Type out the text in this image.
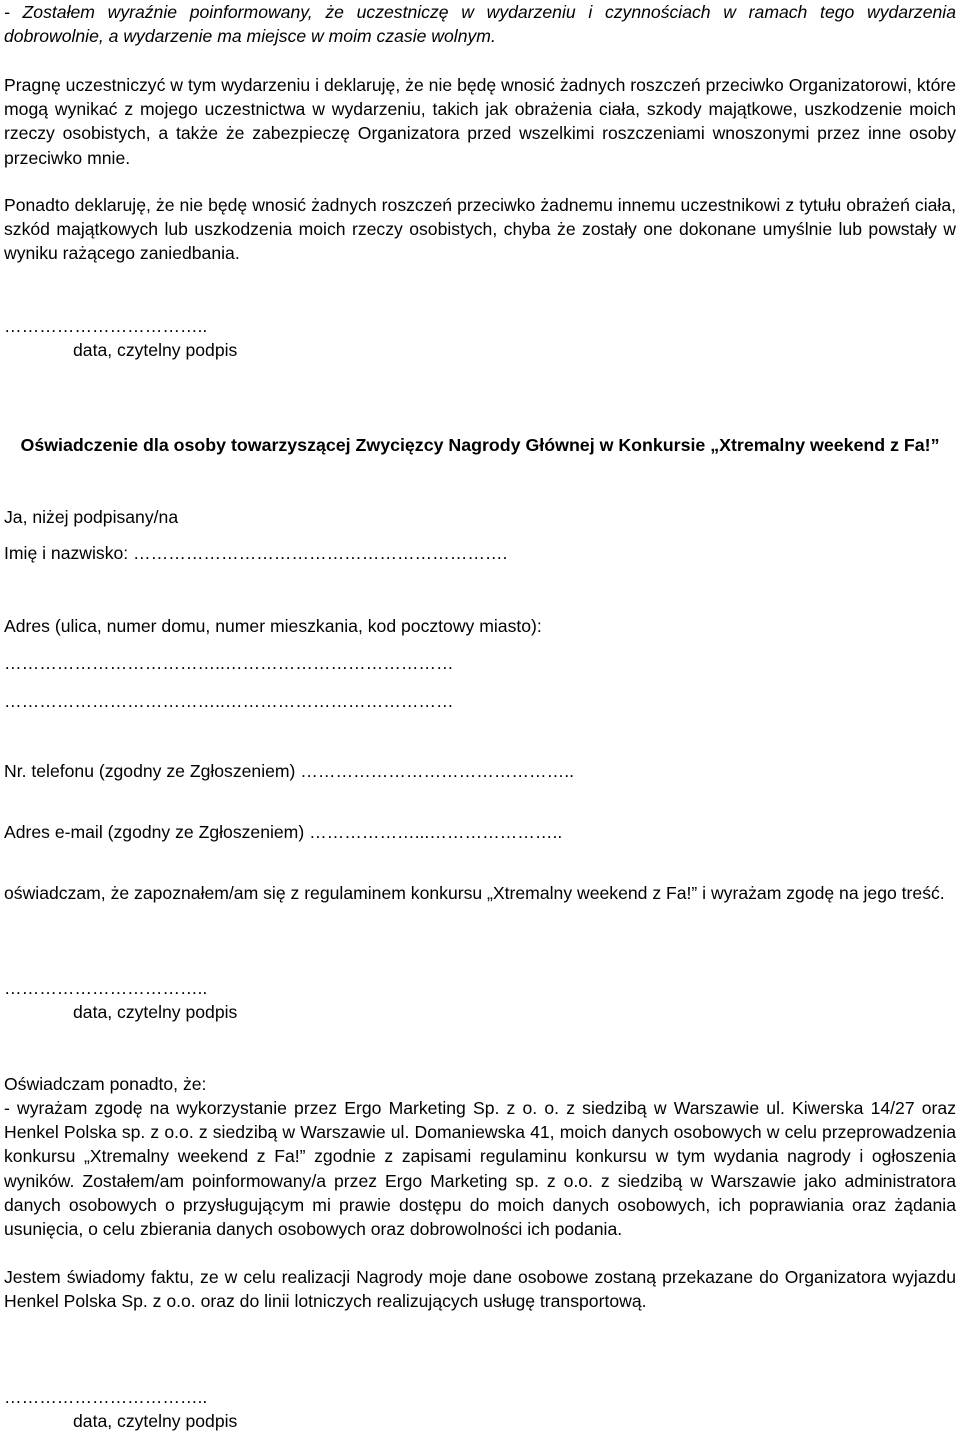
- Zostałem wyraźnie poinformowany, że uczestniczę w wydarzeniu i czynnościach w ramach tego wydarzenia dobrowolnie, a wydarzenie ma miejsce w moim czasie wolnym.

Pragnę uczestniczyć w tym wydarzeniu i deklaruję, że nie będę wnosić żadnych roszczeń przeciwko Organizatorowi, które mogą wynikać z mojego uczestnictwa w wydarzeniu, takich jak obrażenia ciała, szkody majątkowe, uszkodzenie moich rzeczy osobistych, a także że zabezpieczę Organizatora przed wszelkimi roszczeniami wnoszonymi przez inne osoby przeciwko mnie.

Ponadto deklaruję, że nie będę wnosić żadnych roszczeń przeciwko żadnemu innemu uczestnikowi z tytułu obrażeń ciała, szkód majątkowych lub uszkodzenia moich rzeczy osobistych, chyba że zostały one dokonane umyślnie lub powstały w wyniku rażącego zaniedbania.

……………………………..

data, czytelny podpis

Oświadczenie dla osoby towarzyszącej Zwycięzcy Nagrody Głównej w Konkursie „Xtremalny weekend z Fa!”

Ja, niżej podpisany/na

Imię i nazwisko: ……………………………………………………….

Adres (ulica, numer domu, numer mieszkania, kod pocztowy miasto):

………………………………..…………………………………

………………………………..…………………………………

Nr. telefonu (zgodny ze Zgłoszeniem) ………………………………………..

Adres e-mail (zgodny ze Zgłoszeniem) ………………...…………………..

oświadczam, że zapoznałem/am się z regulaminem konkursu „Xtremalny weekend z Fa!” i wyrażam zgodę na jego treść.

……………………………..

data, czytelny podpis

Oświadczam ponadto, że:

- wyrażam zgodę na wykorzystanie przez Ergo Marketing Sp. z o. o. z siedzibą w Warszawie ul. Kiwerska 14/27 oraz Henkel Polska sp. z o.o. z siedzibą w Warszawie ul. Domaniewska 41, moich danych osobowych w celu przeprowadzenia konkursu „Xtremalny weekend z Fa!” zgodnie z zapisami regulaminu konkursu w tym wydania nagrody i ogłoszenia wyników. Zostałem/am poinformowany/a przez Ergo Marketing sp. z o.o. z siedzibą w Warszawie jako administratora danych osobowych o przysługującym mi prawie dostępu do moich danych osobowych, ich poprawiania oraz żądania usunięcia, o celu zbierania danych osobowych oraz dobrowolności ich podania.

Jestem świadomy faktu, ze w celu realizacji Nagrody moje dane osobowe zostaną przekazane do Organizatora wyjazdu Henkel Polska Sp. z o.o. oraz do linii lotniczych realizujących usługę transportową.

……………………………..

data, czytelny podpis
